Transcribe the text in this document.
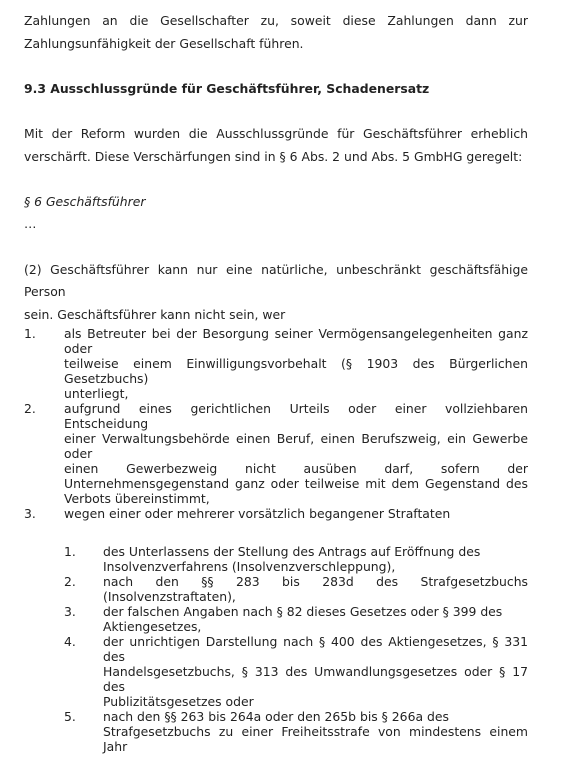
Zahlungen an die Gesellschafter zu, soweit diese Zahlungen dann zur

Zahlungsunfähigkeit der Gesellschaft führen.

9.3 Ausschlussgründe für Geschäftsführer, Schadenersatz

Mit der Reform wurden die Ausschlussgründe für Geschäftsführer erheblich

verschärft. Diese Verschärfungen sind in § 6 Abs. 2 und Abs. 5 GmbHG geregelt:

§ 6 Geschäftsführer

…

(2) Geschäftsführer kann nur eine natürliche, unbeschränkt geschäftsfähige Person

sein. Geschäftsführer kann nicht sein, wer

1.	als Betreuter bei der Besorgung seiner Vermögensangelegenheiten ganz oder
teilweise einem Einwilligungsvorbehalt (§ 1903 des Bürgerlichen Gesetzbuchs)
unterliegt,
2.	aufgrund eines gerichtlichen Urteils oder einer vollziehbaren Entscheidung
einer Verwaltungsbehörde einen Beruf, einen Berufszweig, ein Gewerbe oder
einen Gewerbezweig nicht ausüben darf, sofern der
Unternehmensgegenstand ganz oder teilweise mit dem Gegenstand des
Verbots übereinstimmt,
3.	wegen einer oder mehrerer vorsätzlich begangener Straftaten
1.	des Unterlassens der Stellung des Antrags auf Eröffnung des
Insolvenzverfahrens (Insolvenzverschleppung),
2.	nach den §§ 283 bis 283d des Strafgesetzbuchs (Insolvenzstraftaten),
3.	der falschen Angaben nach § 82 dieses Gesetzes oder § 399 des
Aktiengesetzes,
4.	der unrichtigen Darstellung nach § 400 des Aktiengesetzes, § 331 des
Handelsgesetzbuchs, § 313 des Umwandlungsgesetzes oder § 17 des
Publizitätsgesetzes oder
5.	nach den §§ 263 bis 264a oder den 265b bis § 266a des
Strafgesetzbuchs zu einer Freiheitsstrafe von mindestens einem Jahr
